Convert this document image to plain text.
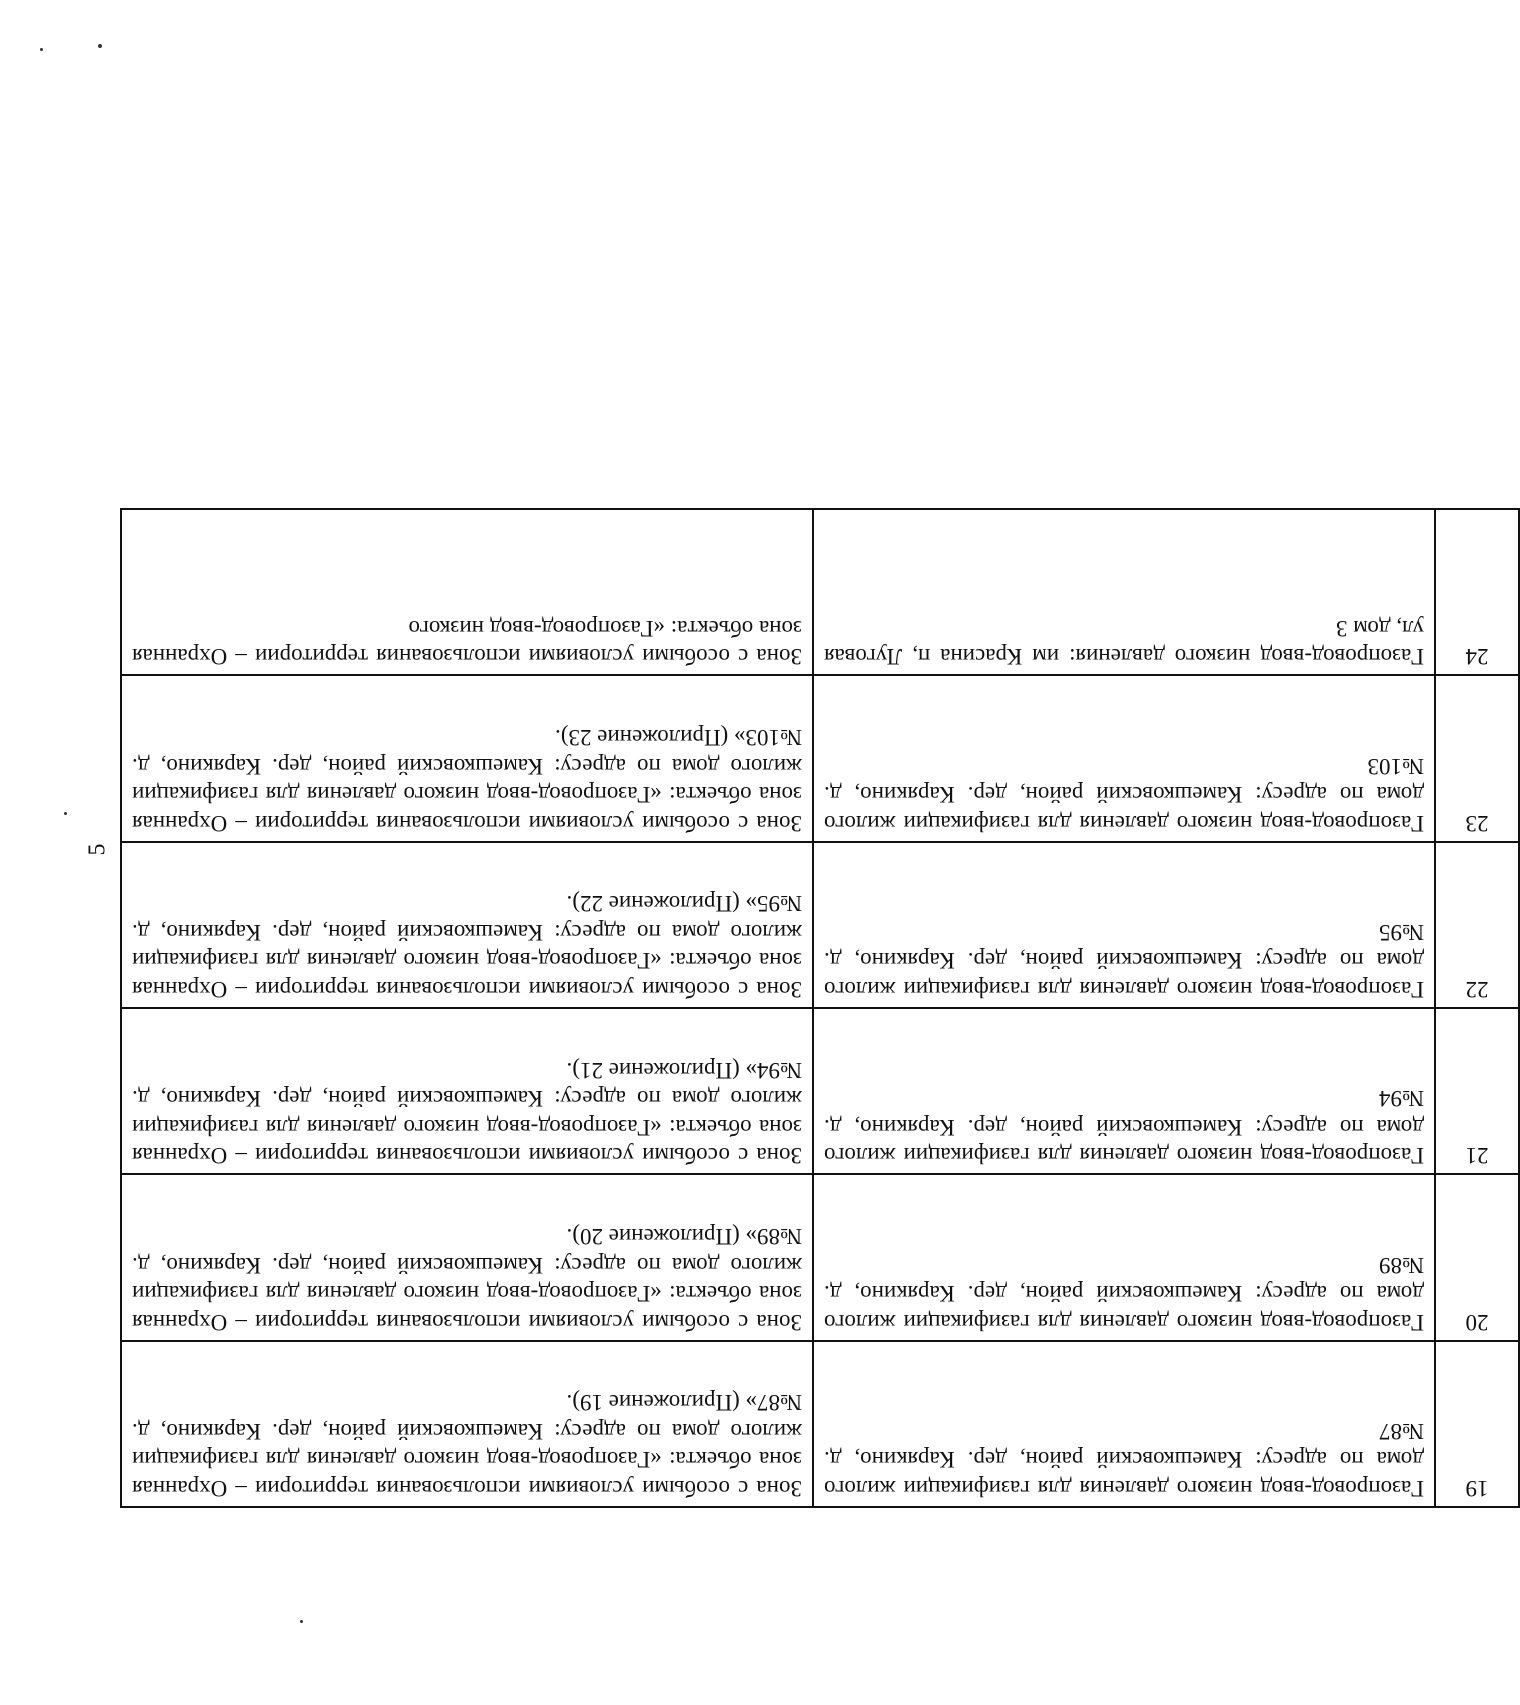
5
19	Газопровод-ввод низкого давления для газификации жилого дома по адресу: Камешковский район, дер. Карякино, д. №87	Зона с особыми условиями использования территории – Охранная зона объекта: «Газопровод-ввод низкого давления для газификации жилого дома по адресу: Камешковский район, дер. Карякино, д. №87» (Приложение 19).
20	Газопровод-ввод низкого давления для газификации жилого дома по адресу: Камешковский район, дер. Карякино, д. №89	Зона с особыми условиями использования территории – Охранная зона объекта: «Газопровод-ввод низкого давления для газификации жилого дома по адресу: Камешковский район, дер. Карякино, д. №89» (Приложение 20).
21	Газопровод-ввод низкого давления для газификации жилого дома по адресу: Камешковский район, дер. Карякино, д. №94	Зона с особыми условиями использования территории – Охранная зона объекта: «Газопровод-ввод низкого давления для газификации жилого дома по адресу: Камешковский район, дер. Карякино, д. №94» (Приложение 21).
22	Газопровод-ввод низкого давления для газификации жилого дома по адресу: Камешковский район, дер. Карякино, д. №95	Зона с особыми условиями использования территории – Охранная зона объекта: «Газопровод-ввод низкого давления для газификации жилого дома по адресу: Камешковский район, дер. Карякино, д. №95» (Приложение 22).
23	Газопровод-ввод низкого давления для газификации жилого дома по адресу: Камешковский район, дер. Карякино, д. №103	Зона с особыми условиями использования территории – Охранная зона объекта: «Газопровод-ввод низкого давления для газификации жилого дома по адресу: Камешковский район, дер. Карякино, д. №103» (Приложение 23).
24	Газопровод-ввод низкого давления: им Красина п, Луговая ул, дом 3	Зона с особыми условиями использования территории – Охранная зона объекта: «Газопровод-ввод низкого
